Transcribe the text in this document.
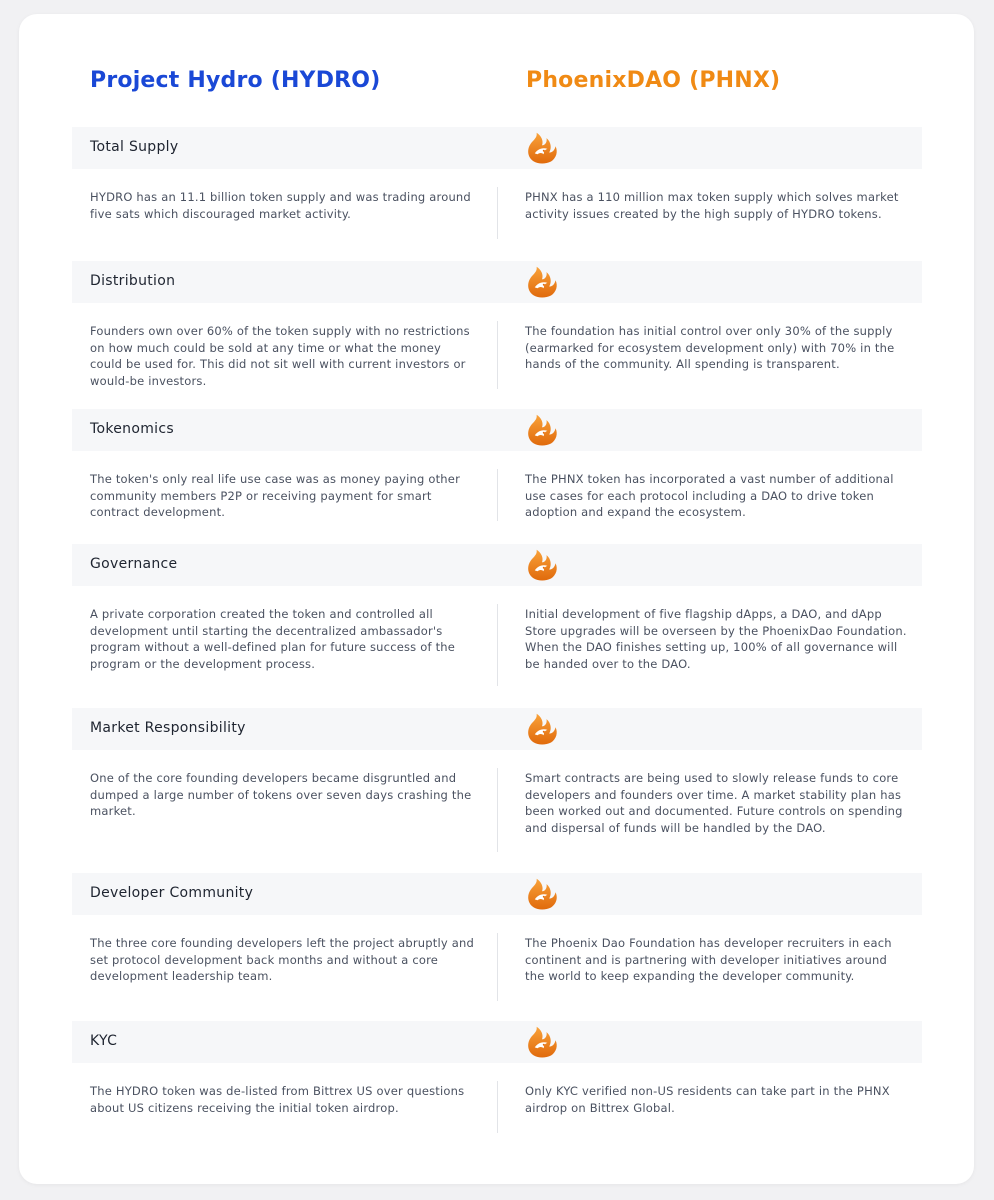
Project Hydro (HYDRO)	PhoenixDAO (PHNX)
Total Supply
HYDRO has an 11.1 billion token supply and was trading around five sats which discouraged market activity.
PHNX has a 110 million max token supply which solves market activity issues created by the high supply of HYDRO tokens.
Distribution
Founders own over 60% of the token supply with no restrictions on how much could be sold at any time or what the money could be used for. This did not sit well with current investors or would-be investors.
The foundation has initial control over only 30% of the supply (earmarked for ecosystem development only) with 70% in the hands of the community. All spending is transparent.
Tokenomics
The token's only real life use case was as money paying other community members P2P or receiving payment for smart contract development.
The PHNX token has incorporated a vast number of additional use cases for each protocol including a DAO to drive token adoption and expand the ecosystem.
Governance
A private corporation created the token and controlled all development until starting the decentralized ambassador's program without a well-defined plan for future success of the program or the development process.
Initial development of five flagship dApps, a DAO, and dApp Store upgrades will be overseen by the PhoenixDao Foundation. When the DAO finishes setting up, 100% of all governance will be handed over to the DAO.
Market Responsibility
One of the core founding developers became disgruntled and dumped a large number of tokens over seven days crashing the market.
Smart contracts are being used to slowly release funds to core developers and founders over time. A market stability plan has been worked out and documented. Future controls on spending and dispersal of funds will be handled by the DAO.
Developer Community
The three core founding developers left the project abruptly and set protocol development back months and without a core development leadership team.
The Phoenix Dao Foundation has developer recruiters in each continent and is partnering with developer initiatives around the world to keep expanding the developer community.
KYC
The HYDRO token was de-listed from Bittrex US over questions about US citizens receiving the initial token airdrop.
Only KYC verified non-US residents can take part in the PHNX airdrop on Bittrex Global.
